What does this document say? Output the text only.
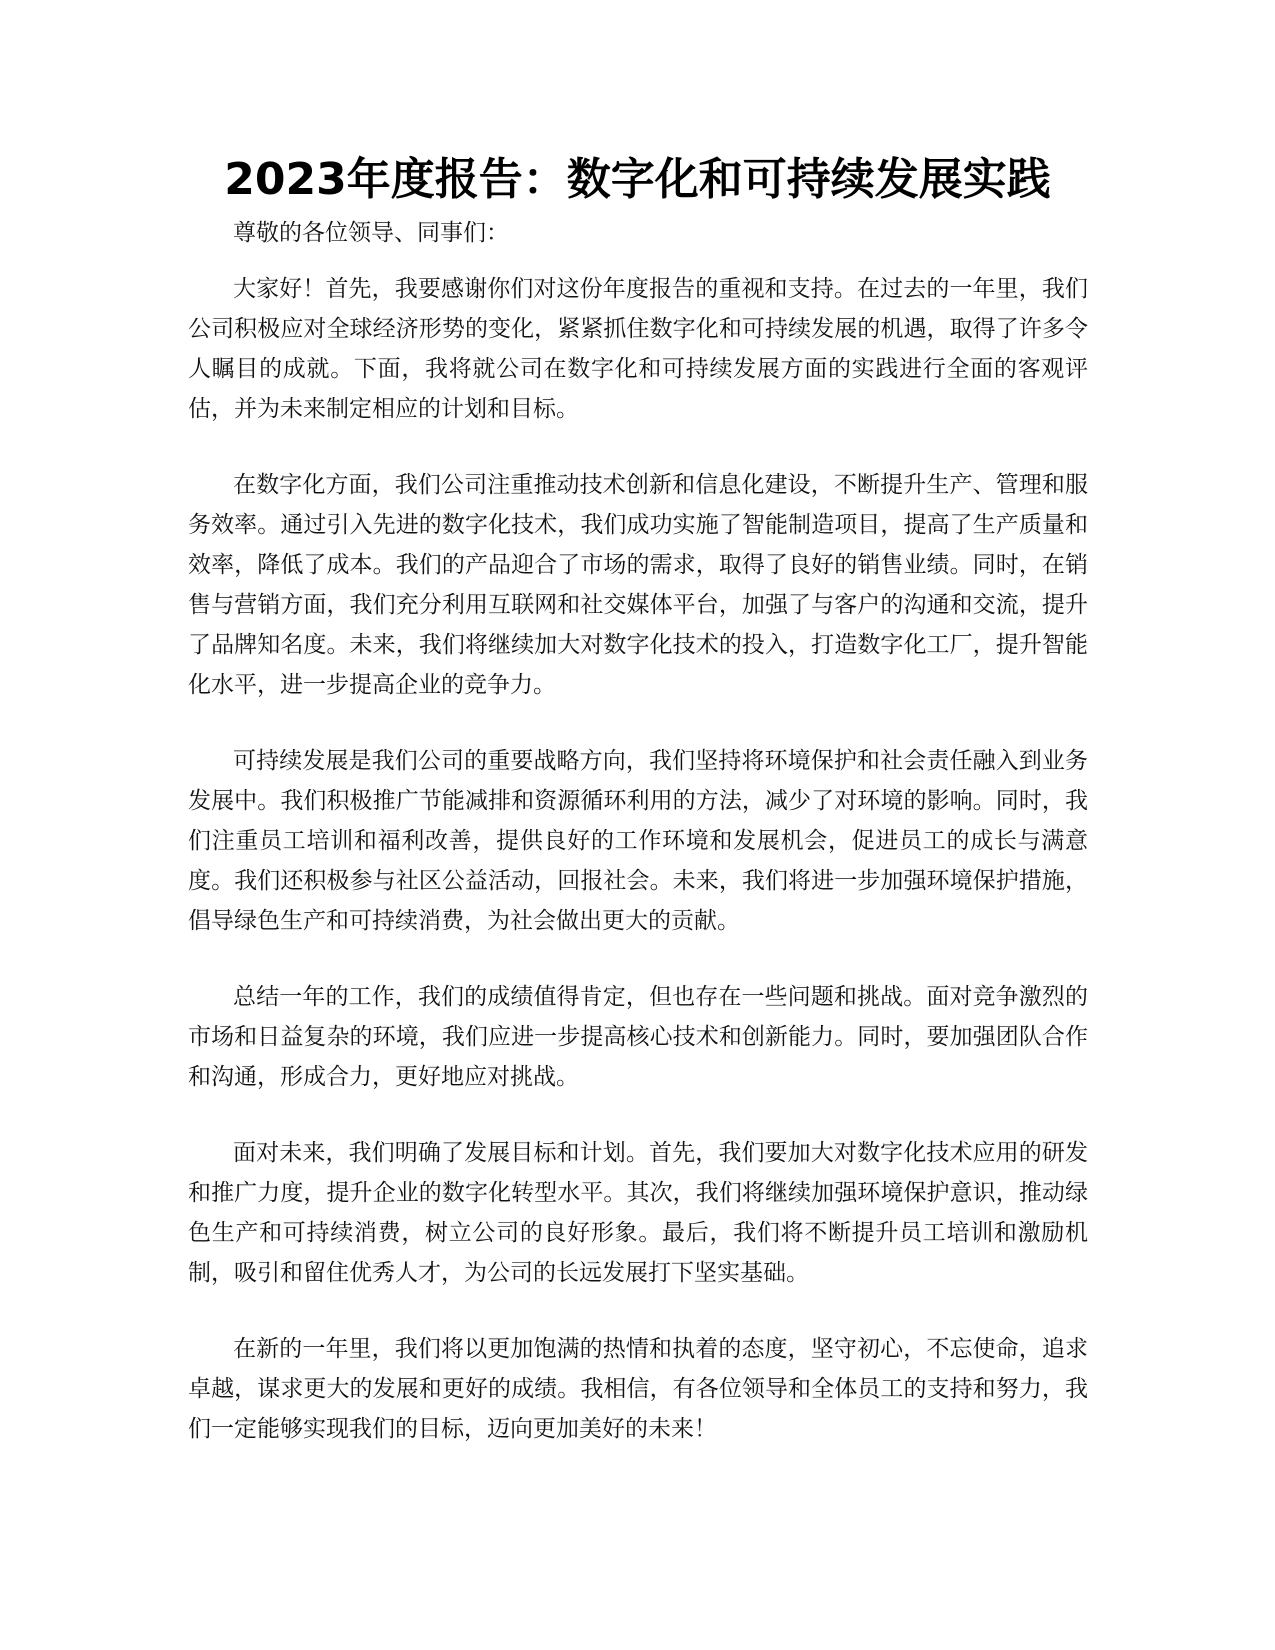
2023年度报告：数字化和可持续发展实践

尊敬的各位领导、同事们：

大家好！首先，我要感谢你们对这份年度报告的重视和支持。在过去的一年里，我们公司积极应对全球经济形势的变化，紧紧抓住数字化和可持续发展的机遇，取得了许多令人瞩目的成就。下面，我将就公司在数字化和可持续发展方面的实践进行全面的客观评估，并为未来制定相应的计划和目标。

在数字化方面，我们公司注重推动技术创新和信息化建设，不断提升生产、管理和服务效率。通过引入先进的数字化技术，我们成功实施了智能制造项目，提高了生产质量和效率，降低了成本。我们的产品迎合了市场的需求，取得了良好的销售业绩。同时，在销售与营销方面，我们充分利用互联网和社交媒体平台，加强了与客户的沟通和交流，提升了品牌知名度。未来，我们将继续加大对数字化技术的投入，打造数字化工厂，提升智能化水平，进一步提高企业的竞争力。

可持续发展是我们公司的重要战略方向，我们坚持将环境保护和社会责任融入到业务发展中。我们积极推广节能减排和资源循环利用的方法，减少了对环境的影响。同时，我们注重员工培训和福利改善，提供良好的工作环境和发展机会，促进员工的成长与满意度。我们还积极参与社区公益活动，回报社会。未来，我们将进一步加强环境保护措施，倡导绿色生产和可持续消费，为社会做出更大的贡献。

总结一年的工作，我们的成绩值得肯定，但也存在一些问题和挑战。面对竞争激烈的市场和日益复杂的环境，我们应进一步提高核心技术和创新能力。同时，要加强团队合作和沟通，形成合力，更好地应对挑战。

面对未来，我们明确了发展目标和计划。首先，我们要加大对数字化技术应用的研发和推广力度，提升企业的数字化转型水平。其次，我们将继续加强环境保护意识，推动绿色生产和可持续消费，树立公司的良好形象。最后，我们将不断提升员工培训和激励机制，吸引和留住优秀人才，为公司的长远发展打下坚实基础。

在新的一年里，我们将以更加饱满的热情和执着的态度，坚守初心，不忘使命，追求卓越，谋求更大的发展和更好的成绩。我相信，有各位领导和全体员工的支持和努力，我们一定能够实现我们的目标，迈向更加美好的未来！
